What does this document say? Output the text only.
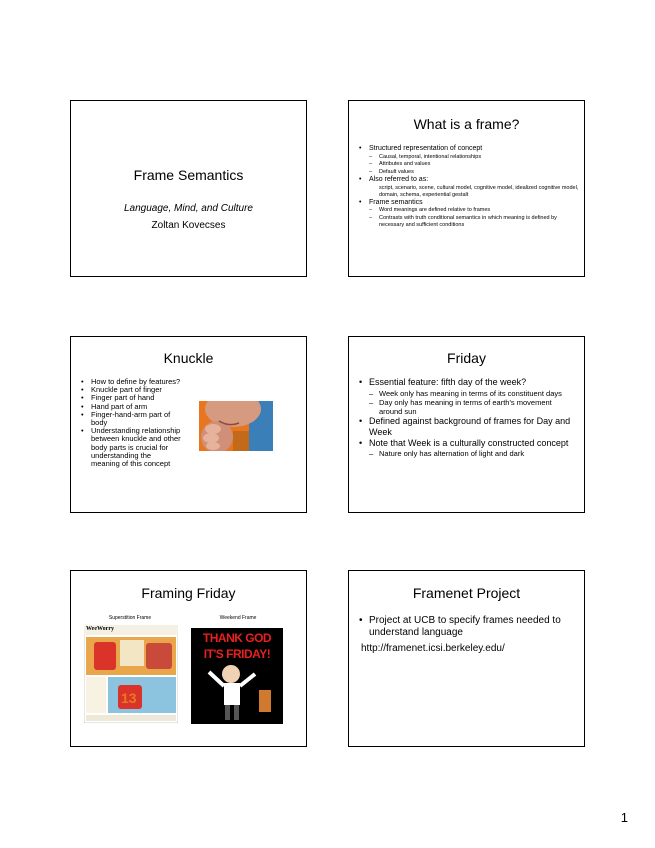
Frame Semantics
Language, Mind, and Culture
Zoltan Kovecses
What is a frame?
• Structured representation of concept
– Causal, temporal, intentional relationships
– Attributes and values
– Default values
• Also referred to as:
script, scenario, scene, cultural model, cognitive model, idealized cognitive model, domain, schema, experiential gestalt
• Frame semantics
– Word meanings are defined relative to frames
– Contrasts with truth conditional semantics in which meaning is defined by necessary and sufficient conditions
Knuckle
• How to define by features?
• Knuckle part of finger
• Finger part of hand
• Hand part of arm
• Finger-hand-arm part of body
• Understanding relationship between knuckle and other body parts is crucial for understanding the meaning of this concept
Friday
• Essential feature: fifth day of the week?
– Week only has meaning in terms of its constituent days
– Day only has meaning in terms of earth's movement around sun
• Defined against background of frames for Day and Week
• Note that Week is a culturally constructed concept
– Nature only has alternation of light and dark
Framing Friday
Superstition Frame	Weekend Frame
13
WeeWorry
THANK GOD
IT'S FRIDAY!
Framenet Project
• Project at UCB to specify frames needed to understand language
http://framenet.icsi.berkeley.edu/
1
